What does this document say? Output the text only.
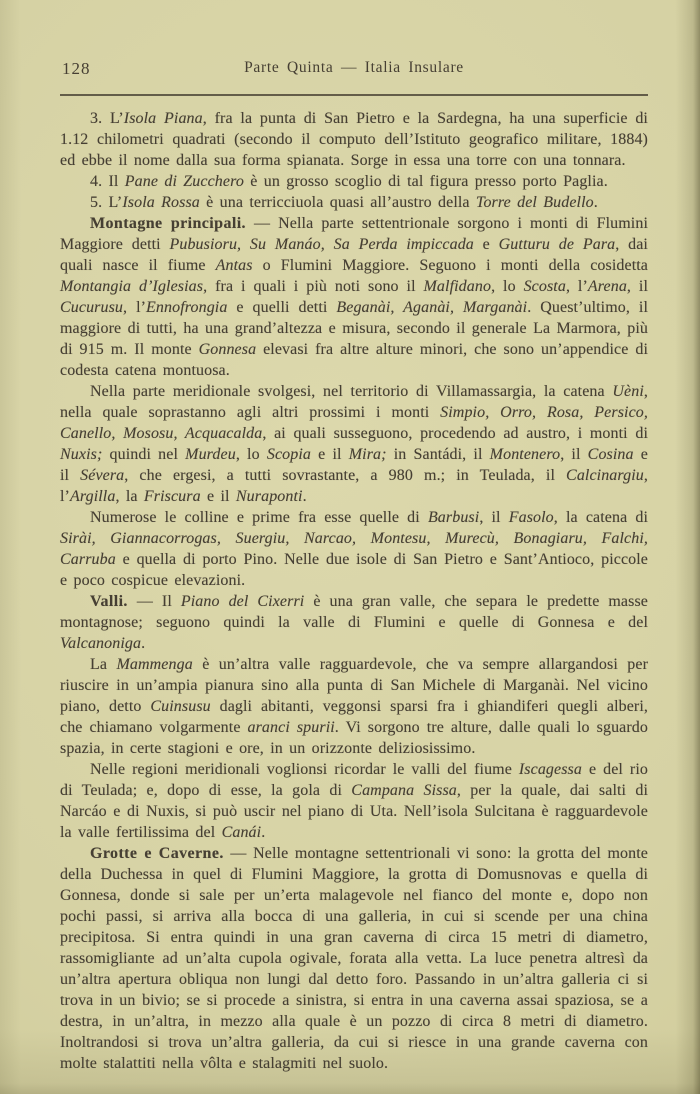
128	Parte Quinta — Italia Insulare

3. L’Isola Piana, fra la punta di San Pietro e la Sardegna, ha una superficie di 1.12 chilometri quadrati (secondo il computo dell’Istituto geografico militare, 1884) ed ebbe il nome dalla sua forma spianata. Sorge in essa una torre con una tonnara.

4. Il Pane di Zucchero è un grosso scoglio di tal figura presso porto Paglia.

5. L’Isola Rossa è una terricciuola quasi all’austro della Torre del Budello.

Montagne principali. — Nella parte settentrionale sorgono i monti di Flumini Maggiore detti Pubusioru, Su Manáo, Sa Perda impiccada e Gutturu de Para, dai quali nasce il fiume Antas o Flumini Maggiore. Seguono i monti della cosidetta Montangia d’Iglesias, fra i quali i più noti sono il Malfidano, lo Scosta, l’Arena, il Cucurusu, l’Ennofrongia e quelli detti Beganài, Aganài, Marganài. Quest’ultimo, il maggiore di tutti, ha una grand’altezza e misura, secondo il generale La Marmora, più di 915 m. Il monte Gonnesa elevasi fra altre alture minori, che sono un’appendice di codesta catena montuosa.

Nella parte meridionale svolgesi, nel territorio di Villamassargia, la catena Uèni, nella quale soprastanno agli altri prossimi i monti Simpio, Orro, Rosa, Persico, Canello, Mososu, Acquacalda, ai quali susseguono, procedendo ad austro, i monti di Nuxis; quindi nel Murdeu, lo Scopia e il Mira; in Santádi, il Montenero, il Cosina e il Sévera, che ergesi, a tutti sovrastante, a 980 m.; in Teulada, il Calcinargiu, l’Argilla, la Friscura e il Nuraponti.

Numerose le colline e prime fra esse quelle di Barbusi, il Fasolo, la catena di Sirài, Giannacorrogas, Suergiu, Narcao, Montesu, Murecù, Bonagiaru, Falchi, Carruba e quella di porto Pino. Nelle due isole di San Pietro e Sant’Antioco, piccole e poco cospicue elevazioni.

Valli. — Il Piano del Cixerri è una gran valle, che separa le predette masse montagnose; seguono quindi la valle di Flumini e quelle di Gonnesa e del Valcanoniga.

La Mammenga è un’altra valle ragguardevole, che va sempre allargandosi per riuscire in un’ampia pianura sino alla punta di San Michele di Marganài. Nel vicino piano, detto Cuinsusu dagli abitanti, veggonsi sparsi fra i ghiandiferi quegli alberi, che chiamano volgarmente aranci spurii. Vi sorgono tre alture, dalle quali lo sguardo spazia, in certe stagioni e ore, in un orizzonte deliziosissimo.

Nelle regioni meridionali voglionsi ricordar le valli del fiume Iscagessa e del rio di Teulada; e, dopo di esse, la gola di Campana Sissa, per la quale, dai salti di Narcáo e di Nuxis, si può uscir nel piano di Uta. Nell’isola Sulcitana è ragguardevole la valle fertilissima del Canái.

Grotte e Caverne. — Nelle montagne settentrionali vi sono: la grotta del monte della Duchessa in quel di Flumini Maggiore, la grotta di Domusnovas e quella di Gonnesa, donde si sale per un’erta malagevole nel fianco del monte e, dopo non pochi passi, si arriva alla bocca di una galleria, in cui si scende per una china precipitosa. Si entra quindi in una gran caverna di circa 15 metri di diametro, rassomigliante ad un’alta cupola ogivale, forata alla vetta. La luce penetra altresì da un’altra apertura obliqua non lungi dal detto foro. Passando in un’altra galleria ci si trova in un bivio; se si procede a sinistra, si entra in una caverna assai spaziosa, se a destra, in un’altra, in mezzo alla quale è un pozzo di circa 8 metri di diametro. Inoltrandosi si trova un’altra galleria, da cui si riesce in una grande caverna con molte stalattiti nella vôlta e stalagmiti nel suolo.
